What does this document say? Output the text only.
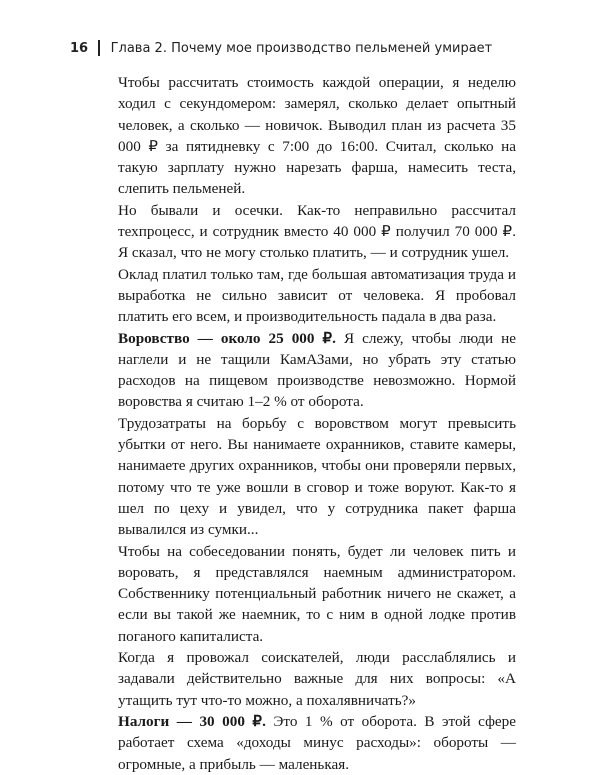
16 Глава 2. Почему мое производство пельменей умирает

Чтобы рассчитать стоимость каждой операции, я неделю ходил с секундомером: замерял, сколько делает опытный человек, а сколько — новичок. Выводил план из расчета 35 000 ₽ за пятидневку с 7:00 до 16:00. Считал, сколько на такую зарплату нужно нарезать фарша, намесить теста, слепить пельменей.

Но бывали и осечки. Как-то неправильно рассчитал техпроцесс, и сотрудник вместо 40 000 ₽ получил 70 000 ₽. Я сказал, что не могу столько платить, — и сотрудник ушел.

Оклад платил только там, где большая автоматизация труда и выработка не сильно зависит от человека. Я пробовал платить его всем, и производительность падала в два раза.

Воровство — около 25 000 ₽. Я слежу, чтобы люди не наглели и не тащили КамАЗами, но убрать эту статью расходов на пищевом производстве невозможно. Нормой воровства я считаю 1–2 % от оборота.

Трудозатраты на борьбу с воровством могут превысить убытки от него. Вы нанимаете охранников, ставите камеры, нанимаете других охранников, чтобы они проверяли первых, потому что те уже вошли в сговор и тоже воруют. Как-то я шел по цеху и увидел, что у сотрудника пакет фарша вывалился из сумки...

Чтобы на собеседовании понять, будет ли человек пить и воровать, я представлялся наемным администратором. Собственнику потенциальный работник ничего не скажет, а если вы такой же наемник, то с ним в одной лодке против поганого капиталиста.

Когда я провожал соискателей, люди расслаблялись и задавали действительно важные для них вопросы: «А утащить тут что-то можно, а похалявничать?»

Налоги — 30 000 ₽. Это 1 % от оборота. В этой сфере работает схема «доходы минус расходы»: обороты — огромные, а прибыль — маленькая.
